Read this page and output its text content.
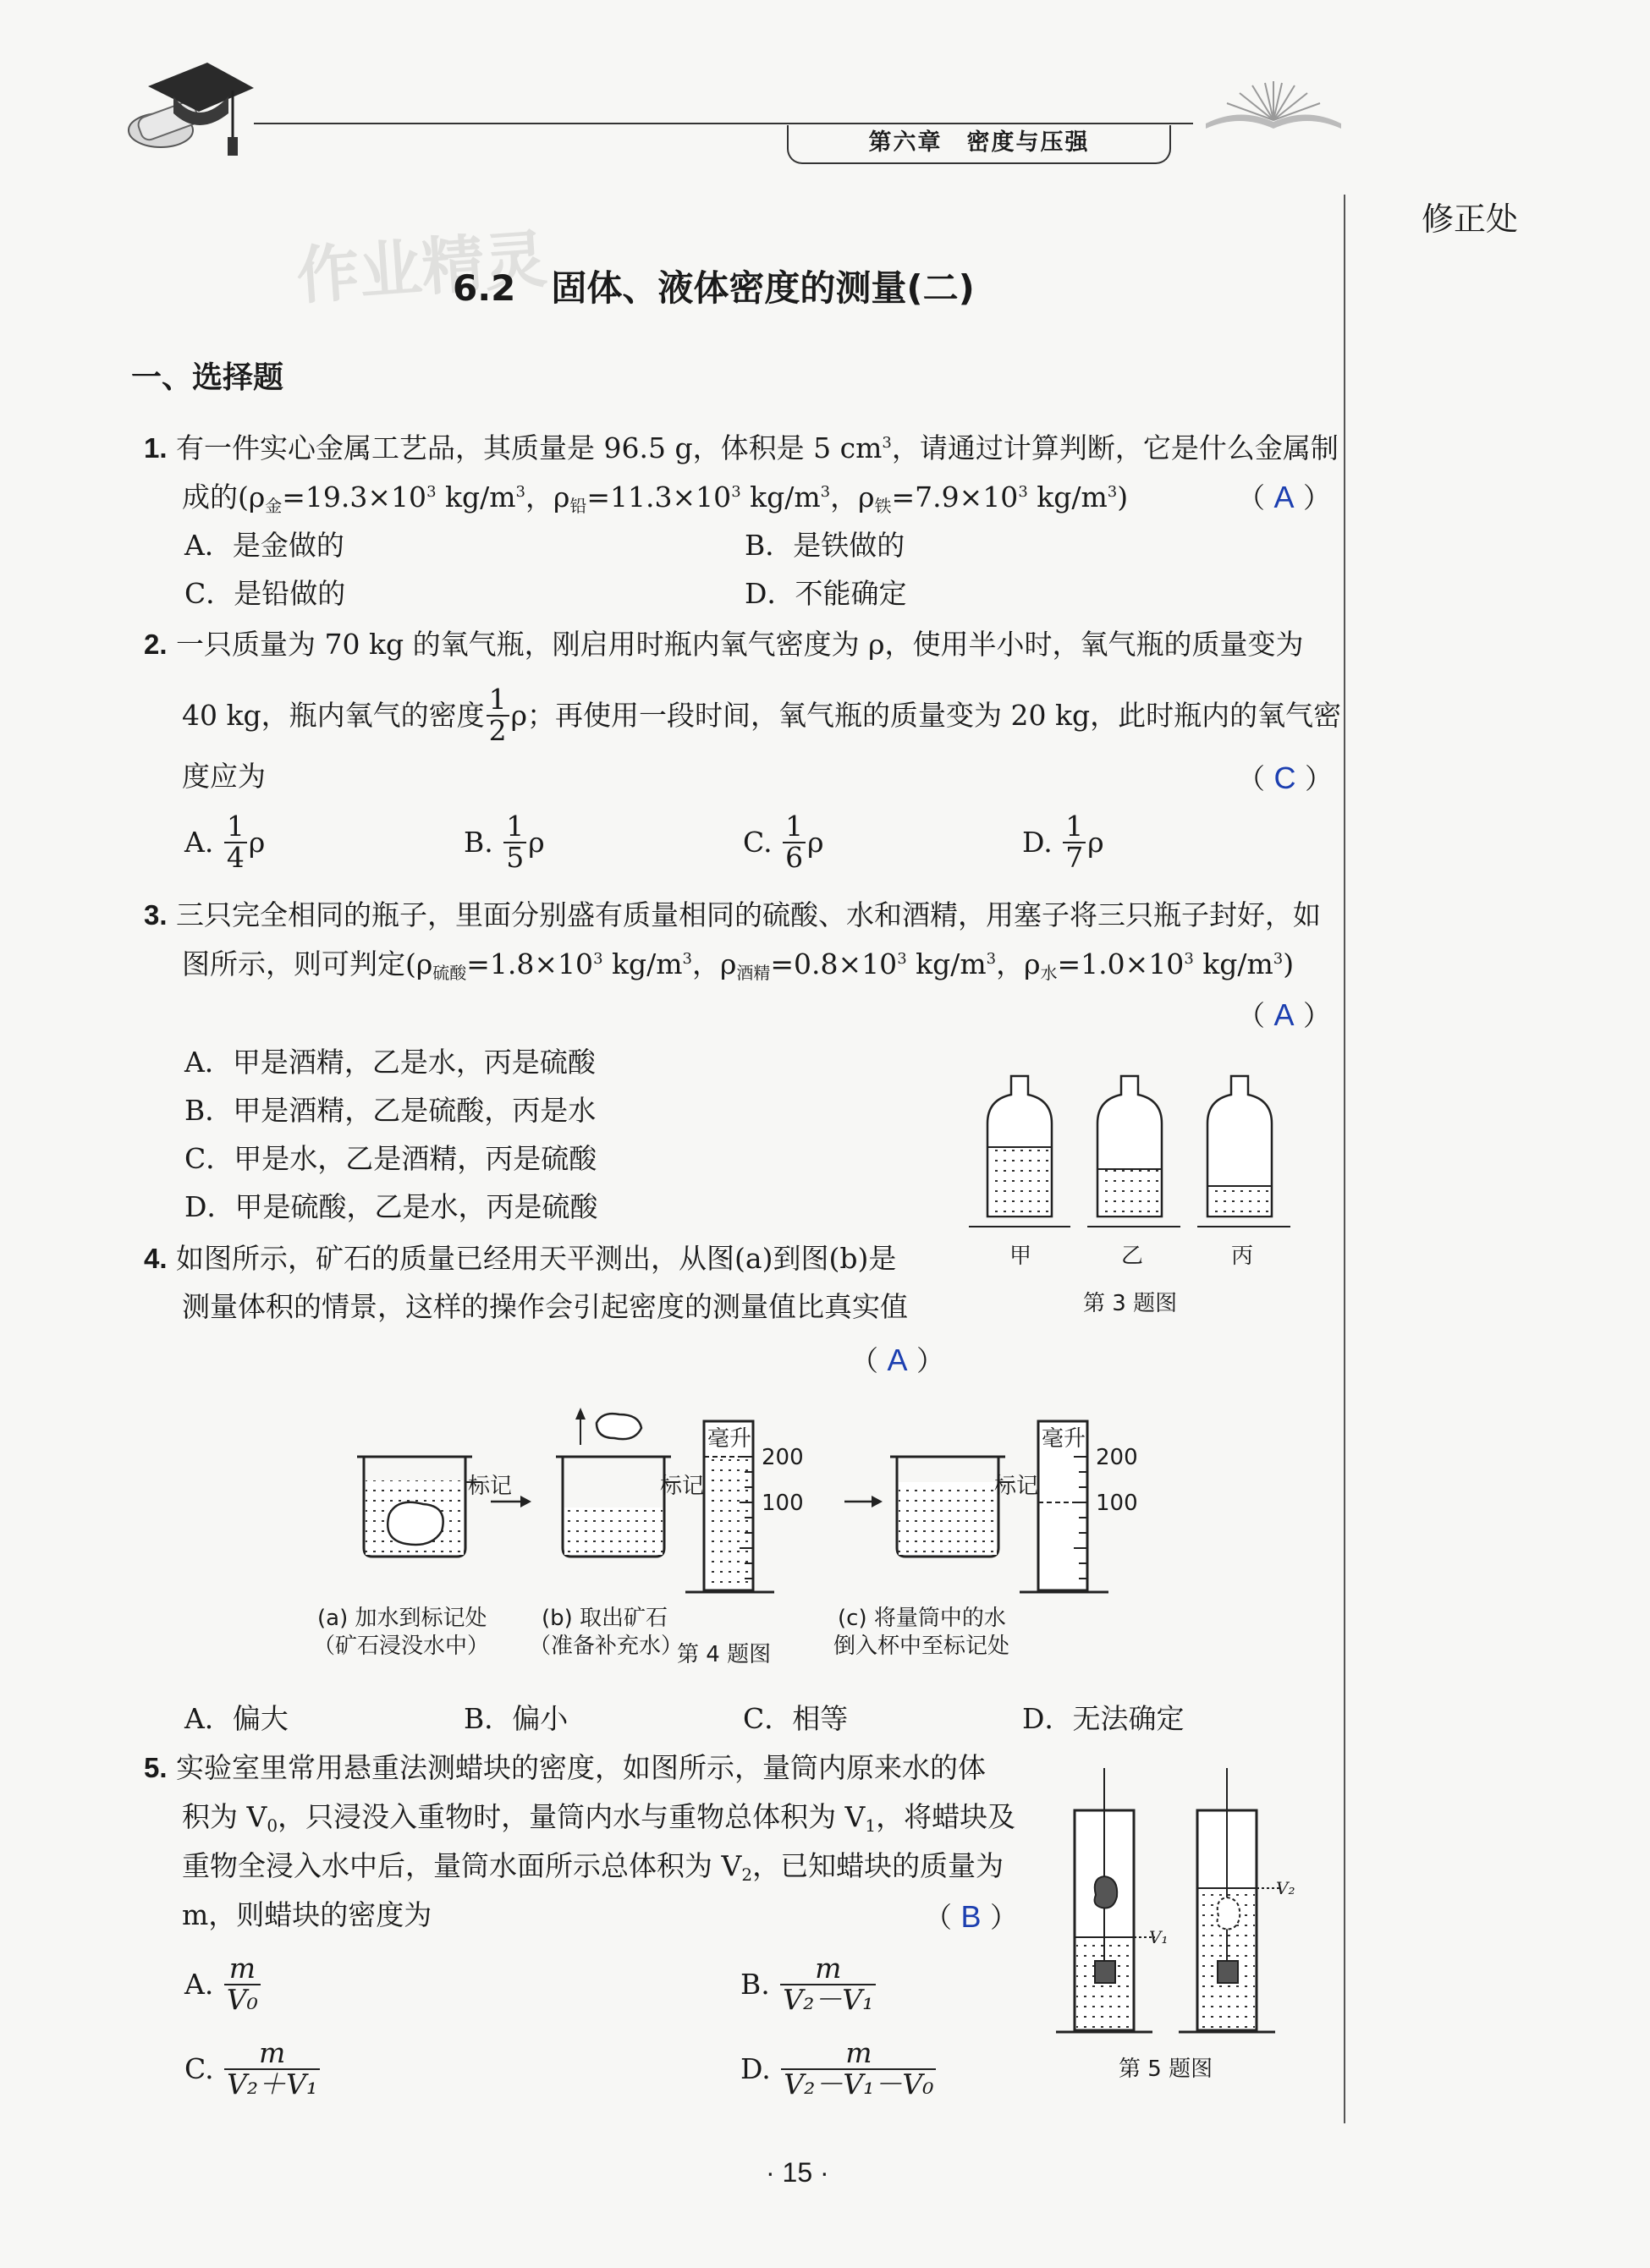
第六章　密度与压强
修正处
作业精灵
6.2　固体、液体密度的测量(二)
一、选择题
1. 有一件实心金属工艺品，其质量是 96.5 g，体积是 5 $cm^3$，请通过计算判断，它是什么金属制
成的($\rho_金=19.3\times 10^3$ $kg/m^3$，$\rho_铅=11.3\times 10^3$ $kg/m^3$，$\rho_铁=7.9\times 10^3$ $kg/m^3$)	（ A ）
A．是金做的	B．是铁做的
C．是铅做的	D．不能确定
2. 一只质量为 70 kg 的氧气瓶，刚启用时瓶内氧气密度为 ρ，使用半小时，氧气瓶的质量变为
40 kg，瓶内氧气的密度 $\frac{1}{2}$ ρ；再使用一段时间，氧气瓶的质量变为 20 kg，此时瓶内的氧气密
度应为	（ C ）
A. $\frac{1}{4}$ ρ	B. $\frac{1}{5}$ ρ	C. $\frac{1}{6}$ ρ	D. $\frac{1}{7}$ ρ
3. 三只完全相同的瓶子，里面分别盛有质量相同的硫酸、水和酒精，用塞子将三只瓶子封好，如
图所示，则可判定($\rho_{硫酸}=1.8\times 10^3$ $kg/m^3$，$\rho_{酒精}=0.8\times 10^3$ $kg/m^3$，$\rho_水=1.0\times 10^3$ $kg/m^3$)
（ A ）
A．甲是酒精，乙是水，丙是硫酸
B．甲是酒精，乙是硫酸，丙是水
C．甲是水，乙是酒精，丙是硫酸
D．甲是硫酸，乙是水，丙是硫酸
甲	乙	丙
第 3 题图
4. 如图所示，矿石的质量已经用天平测出，从图(a)到图(b)是
测量体积的情景，这样的操作会引起密度的测量值比真实值
（ A ）
标记	标记	标记
毫升
200
100
毫升
200
100
(a) 加水到标记处
（矿石浸没水中）
(b) 取出矿石
（准备补充水）
(c) 将量筒中的水
倒入杯中至标记处
第 4 题图
A．偏大	B．偏小	C．相等	D．无法确定
5. 实验室里常用悬重法测蜡块的密度，如图所示，量筒内原来水的体
积为 $V_0$，只浸没入重物时，量筒内水与重物总体积为 $V_1$，将蜡块及
重物全浸入水中后，量筒水面所示总体积为 $V_2$，已知蜡块的质量为
m，则蜡块的密度为	（ B ）
A. $\frac{m}{\text{V₀}}$	B. $\frac{m}{\text{V₂－V₁}}$
C. $\frac{m}{\text{V₂＋V₁}}$	D. $\frac{m}{\text{V₂－V₁－V₀}}$
V₁
V₂
第 5 题图
· 15 ·
